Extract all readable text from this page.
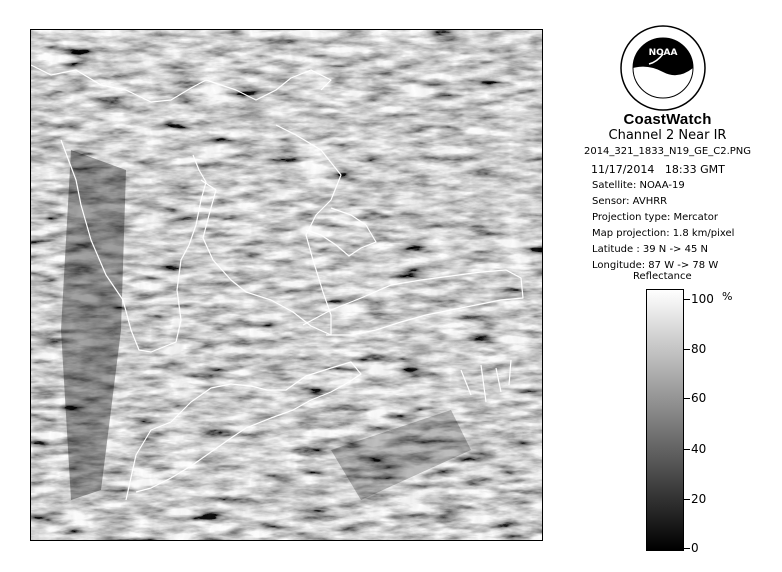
NOAA
CoastWatch
Channel 2 Near IR
2014_321_1833_N19_GE_C2.PNG
11/17/2014 18:33 GMT
Satellite: NOAA-19
Sensor: AVHRR
Projection type: Mercator
Map projection: 1.8 km/pixel
Latitude : 39 N -> 45 N
Longitude: 87 W -> 78 W
Reflectance
%
100
80
60
40
20
0
